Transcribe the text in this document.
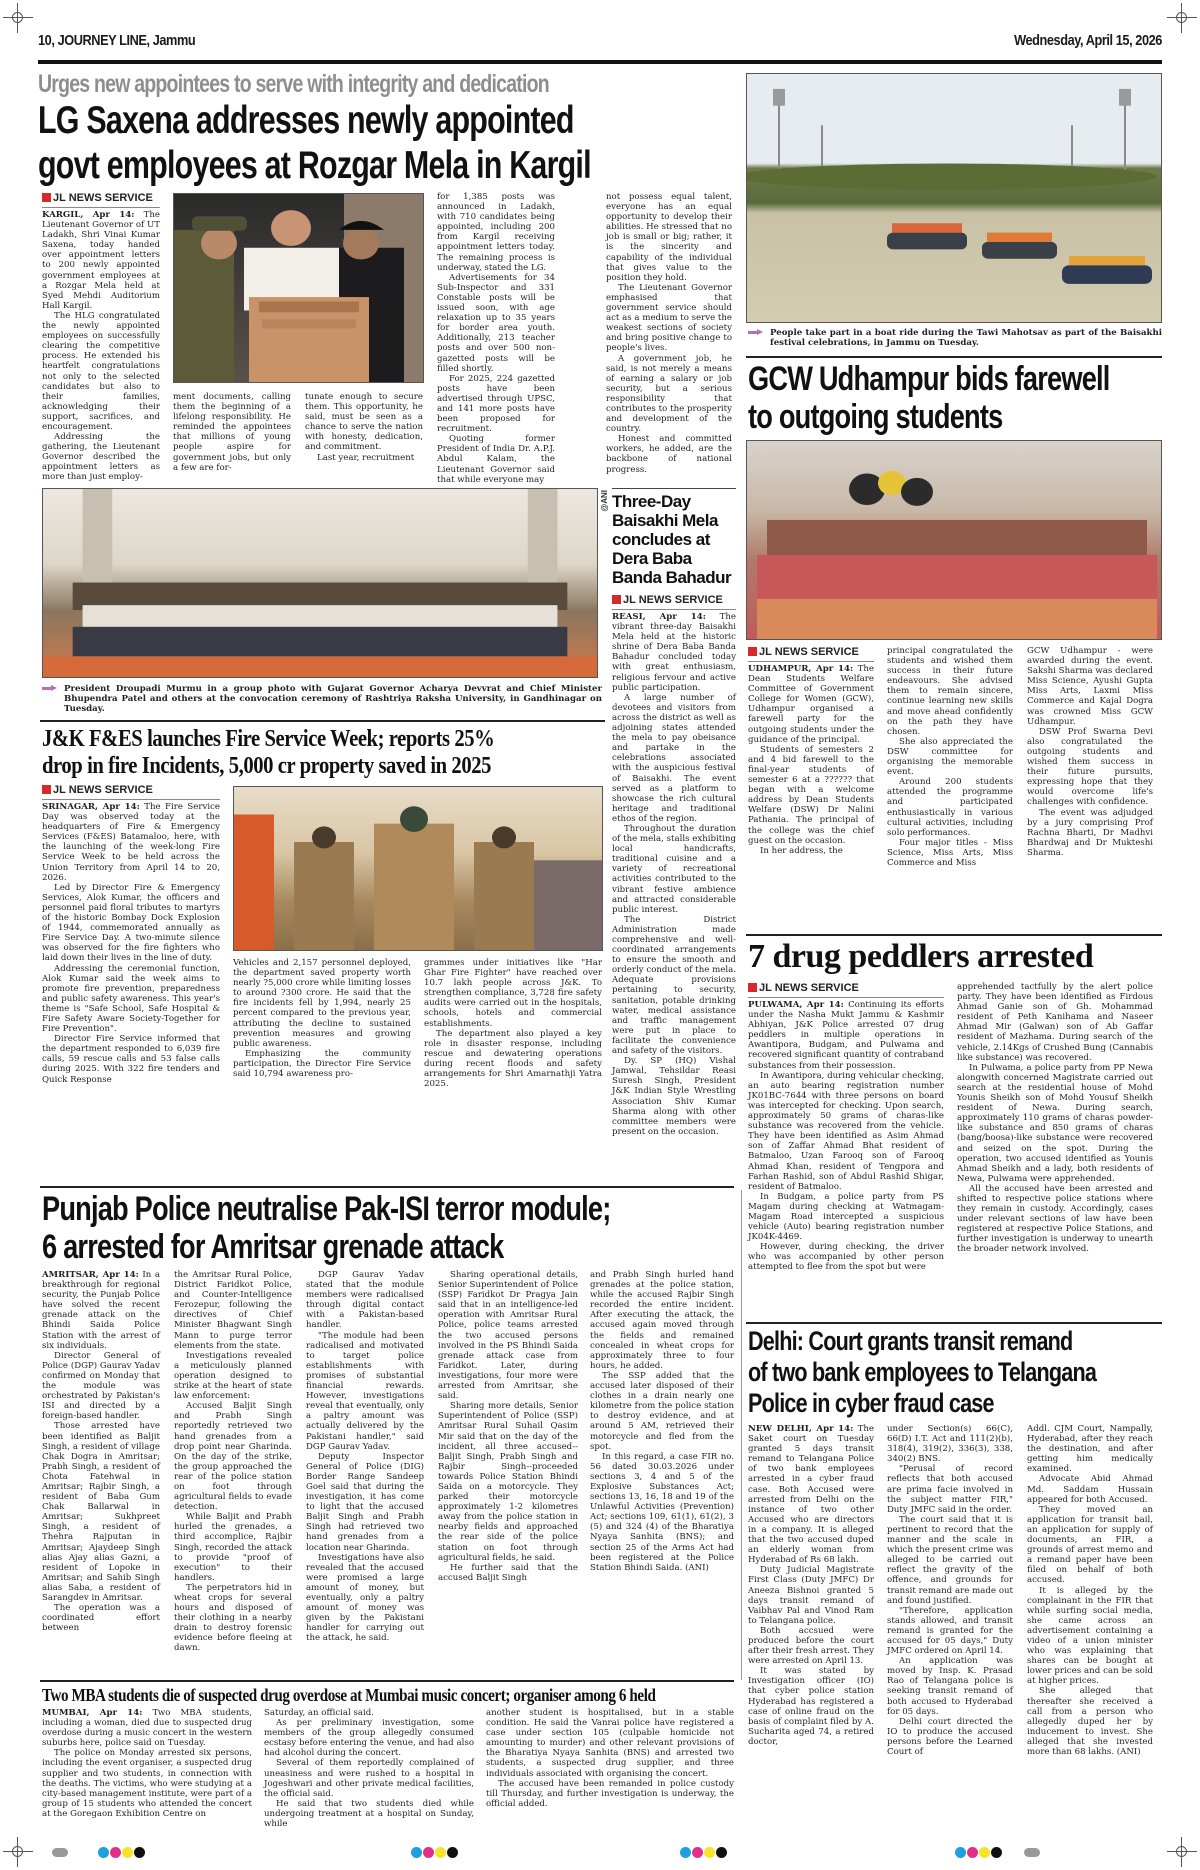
10, JOURNEY LINE, Jammu	Wednesday, April 15, 2026
Urges new appointees to serve with integrity and dedication
LG Saxena addresses newly appointed
govt employees at Rozgar Mela in Kargil
JL NEWS SERVICE

KARGIL, Apr 14: The Lieutenant Governor of UT Ladakh, Shri Vinai Kumar Saxena, today handed over appointment letters to 200 newly appointed government employees at a Rozgar Mela held at Syed Mehdi Auditorium Hall Kargil.

The HLG congratulated the newly appointed employees on successfully clearing the competitive process. He extended his heartfelt congratulations not only to the selected candidates but also to their families, acknowledging their support, sacrifices, and encouragement.

Addressing the gathering, the Lieutenant Governor described the appointment letters as more than just employ-

ment documents, calling them the beginning of a lifelong responsibility. He reminded the appointees that millions of young people aspire for government jobs, but only a few are for-

tunate enough to secure them. This opportunity, he said, must be seen as a chance to serve the nation with honesty, dedication, and commitment.

Last year, recruitment

for 1,385 posts was announced in Ladakh, with 710 candidates being appointed, including 200 from Kargil receiving appointment letters today. The remaining process is underway, stated the LG.

Advertisements for 34 Sub-Inspector and 331 Constable posts will be issued soon, with age relaxation up to 35 years for border area youth. Additionally, 213 teacher posts and over 500 non-gazetted posts will be filled shortly.

For 2025, 224 gazetted posts have been advertised through UPSC, and 141 more posts have been proposed for recruitment.

Quoting former President of India Dr. A.P.J. Abdul Kalam, the Lieutenant Governor said that while everyone may

not possess equal talent, everyone has an equal opportunity to develop their abilities. He stressed that no job is small or big; rather, it is the sincerity and capability of the individual that gives value to the position they hold.

The Lieutenant Governor emphasised that government service should act as a medium to serve the weakest sections of society and bring positive change to people's lives.

A government job, he said, is not merely a means of earning a salary or job security, but a serious responsibility that contributes to the prosperity and development of the country.

Honest and committed workers, he added, are the backbone of national progress.

People take part in a boat ride during the Tawi Mahotsav as part of the Baisakhi festival celebrations, in Jammu on Tuesday.
GCW Udhampur bids farewell
to outgoing students
@ANI
President Droupadi Murmu in a group photo with Gujarat Governor Acharya Devvrat and Chief Minister Bhupendra Patel and others at the convocation ceremony of Rashtriya Raksha University, in Gandhinagar on Tuesday.
Three-Day Baisakhi Mela concludes at Dera Baba Banda Bahadur
JL NEWS SERVICE

REASI, Apr 14: The vibrant three-day Baisakhi Mela held at the historic shrine of Dera Baba Banda Bahadur concluded today with great enthusiasm, religious fervour and active public participation.

A large number of devotees and visitors from across the district as well as adjoining states attended the mela to pay obeisance and partake in the celebrations associated with the auspicious festival of Baisakhi. The event served as a platform to showcase the rich cultural heritage and traditional ethos of the region.

Throughout the duration of the mela, stalls exhibiting local handicrafts, traditional cuisine and a variety of recreational activities contributed to the vibrant festive ambience and attracted considerable public interest.

The District Administration made comprehensive and well-coordinated arrangements to ensure the smooth and orderly conduct of the mela. Adequate provisions pertaining to security, sanitation, potable drinking water, medical assistance and traffic management were put in place to facilitate the convenience and safety of the visitors.

Dy. SP (HQ) Vishal Jamwal, Tehsildar Reasi Suresh Singh, President J&K Indian Style Wrestling Association Shiv Kumar Sharma along with other committee members were present on the occasion.

JL NEWS SERVICE

UDHAMPUR, Apr 14: The Dean Students Welfare Committee of Government College for Women (GCW), Udhampur organised a farewell party for the outgoing students under the guidance of the principal.

Students of semesters 2 and 4 bid farewell to the final-year students of semester 6 at a ?????? that began with a welcome address by Dean Students Welfare (DSW) Dr Nalini Pathania. The principal of the college was the chief guest on the occasion.

In her address, the

principal congratulated the students and wished them success in their future endeavours. She advised them to remain sincere, continue learning new skills and move ahead confidently on the path they have chosen.

She also appreciated the DSW committee for organising the memorable event.

Around 200 students attended the programme and participated enthusiastically in various cultural activities, including solo performances.

Four major titles - Miss Science, Miss Arts, Miss Commerce and Miss

GCW Udhampur - were awarded during the event. Sakshi Sharma was declared Miss Science, Ayushi Gupta Miss Arts, Laxmi Miss Commerce and Kajal Dogra was crowned Miss GCW Udhampur.

DSW Prof Swarna Devi also congratulated the outgoing students and wished them success in their future pursuits, expressing hope that they would overcome life's challenges with confidence.

The event was adjudged by a jury comprising Prof Rachna Bharti, Dr Madhvi Bhardwaj and Dr Mukteshi Sharma.

7 drug peddlers arrested
JL NEWS SERVICE

PULWAMA, Apr 14: Continuing its efforts under the Nasha Mukt Jammu & Kashmir Abhiyan, J&K Police arrested 07 drug peddlers in multiple operations in Awantipora, Budgam, and Pulwama and recovered significant quantity of contraband substances from their possession.

In Awantipora, during vehicular checking, an auto bearing registration number JK01BC-7644 with three persons on board was intercepted for checking. Upon search, approximately 50 grams of charas-like substance was recovered from the vehicle. They have been identified as Asim Ahmad son of Zaffar Ahmad Bhat resident of Batmaloo, Uzan Farooq son of Farooq Ahmad Khan, resident of Tengpora and Farhan Rashid, son of Abdul Rashid Shigar, resident of Batmaloo.

In Budgam, a police party from PS Magam during checking at Watmagam-Magam Road intercepted a suspicious vehicle (Auto) bearing registration number JK04K-4469.

However, during checking, the driver who was accompanied by other person attempted to flee from the spot but were

apprehended tactfully by the alert police party. They have been identified as Firdous Ahmad Ganie son of Gh. Mohammad resident of Peth Kanihama and Naseer Ahmad Mir (Galwan) son of Ab Gaffar resident of Mazhama. During search of the vehicle, 2.14Kgs of Crushed Bung (Cannabis like substance) was recovered.

In Pulwama, a police party from PP Newa alongwith concerned Magistrate carried out search at the residential house of Mohd Younis Sheikh son of Mohd Yousuf Sheikh resident of Newa. During search, approximately 110 grams of charas powder-like substance and 850 grams of charas (bang/boosa)-like substance were recovered and seized on the spot. During the operation, two accused identified as Younis Ahmad Sheikh and a lady, both residents of Newa, Pulwama were apprehended.

All the accused have been arrested and shifted to respective police stations where they remain in custody. Accordingly, cases under relevant sections of law have been registered at respective Police Stations, and further investigation is underway to unearth the broader network involved.

Delhi: Court grants transit remand
of two bank employees to Telangana
Police in cyber fraud case

NEW DELHI, Apr 14: The Saket court on Tuesday granted 5 days transit remand to Telangana Police of two bank employees arrested in a cyber fraud case. Both Accused were arrested from Delhi on the instance of two other Accused who are directors in a company. It is alleged that the two accused duped an elderly woman from Hyderabad of Rs 68 lakh.

Duty Judicial Magistrate First Class (Duty JMFC) Dr Aneeza Bishnoi granted 5 days transit remand of Vaibhav Pal and Vinod Ram to Telangana police.

Both accsued were produced before the court after their fresh arrest. They were arrested on April 13.

It was stated by Investigation officer (IO) that cyber police station Hyderabad has registered a case of online fraud on the basis of complaint filed by A. Sucharita aged 74, a retired doctor,

under Section(s) 66(C), 66(D) I.T. Act and 111(2)(b), 318(4), 319(2), 336(3), 338, 340(2) BNS.

"Perusal of record reflects that both accused are prima facie involved in the subject matter FIR," Duty JMFC said in the order.

The court said that it is pertinent to record that the manner and the scale in which the present crime was alleged to be carried out reflect the gravity of the offence, and grounds for transit remand are made out and found justified.

"Therefore, application stands allowed, and transit remand is granted for the accused for 05 days," Duty JMFC ordered on April 14.

An application was moved by Insp. K. Prasad Rao of Telangana police is seeking transit remand of both accused to Hyderabad for 05 days.

Delhi court directed the IO to produce the accused persons before the Learned Court of

Addl. CJM Court, Nampally, Hyderabad, after they reach the destination, and after getting him medically examined.

Advocate Abid Ahmad Md. Saddam Hussain appeared for both Accused.

They moved an application for transit bail, an application for supply of documents, an FIR, a grounds of arrest memo and a remand paper have been filed on behalf of both accused.

It is alleged by the complainant in the FIR that while surfing social media, she came across an advertisement containing a video of a union minister who was explaining that shares can be bought at lower prices and can be sold at higher prices.

She alleged that thereafter she received a call from a person who allegedly duped her by inducement to invest. She alleged that she invested more than 68 lakhs. (ANI)

J&K F&ES launches Fire Service Week; reports 25%
drop in fire Incidents, 5,000 cr property saved in 2025
JL NEWS SERVICE

SRINAGAR, Apr 14: The Fire Service Day was observed today at the headquarters of Fire & Emergency Services (F&ES) Batamaloo, here, with the launching of the week-long Fire Service Week to be held across the Union Territory from April 14 to 20, 2026.

Led by Director Fire & Emergency Services, Alok Kumar, the officers and personnel paid floral tributes to martyrs of the historic Bombay Dock Explosion of 1944, commemorated annually as Fire Service Day. A two-minute silence was observed for the fire fighters who laid down their lives in the line of duty.

Addressing the ceremonial function, Alok Kumar said the week aims to promote fire prevention, preparedness and public safety awareness. This year's theme is "Safe School, Safe Hospital & Fire Safety Aware Society-Together for Fire Prevention".

Director Fire Service informed that the department responded to 6,039 fire calls, 59 rescue calls and 53 false calls during 2025. With 322 fire tenders and Quick Response

Vehicles and 2,157 personnel deployed, the department saved property worth nearly ?5,000 crore while limiting losses to around ?300 crore. He said that the fire incidents fell by 1,994, nearly 25 percent compared to the previous year, attributing the decline to sustained prevention measures and growing public awareness.

Emphasizing the community participation, the Director Fire Service said 10,794 awareness pro-

grammes under initiatives like "Har Ghar Fire Fighter" have reached over 10.7 lakh people across J&K. To strengthen compliance, 3,728 fire safety audits were carried out in the hospitals, schools, hotels and commercial establishments.

The department also played a key role in disaster response, including rescue and dewatering operations during recent floods and safety arrangements for Shri Amarnathji Yatra 2025.

Punjab Police neutralise Pak-ISI terror module;
6 arrested for Amritsar grenade attack

AMRITSAR, Apr 14: In a breakthrough for regional security, the Punjab Police have solved the recent grenade attack on the Bhindi Saida Police Station with the arrest of six individuals.

Director General of Police (DGP) Gaurav Yadav confirmed on Monday that the module was orchestrated by Pakistan's ISI and directed by a foreign-based handler.

Those arrested have been identified as Baljit Singh, a resident of village Chak Dogra in Amritsar; Prabh Singh, a resident of Chota Fatehwal in Amritsar; Rajbir Singh, a resident of Baba Gum Chak Ballarwal in Amritsar; Sukhpreet Singh, a resident of Thehra Rajputan in Amritsar; Ajaydeep Singh alias Ajay alias Gazni, a resident of Lopoke in Amritsar; and Sahib Singh alias Saba, a resident of Sarangdev in Amritsar.

The operation was a coordinated effort between

the Amritsar Rural Police, District Faridkot Police, and Counter-Intelligence Ferozepur, following the directives of Chief Minister Bhagwant Singh Mann to purge terror elements from the state.

Investigations revealed a meticulously planned operation designed to strike at the heart of state law enforcement:

Accused Baljit Singh and Prabh Singh reportedly retrieved two hand grenades from a drop point near Gharinda. On the day of the strike, the group approached the rear of the police station on foot through agricultural fields to evade detection.

While Baljit and Prabh hurled the grenades, a third accomplice, Rajbir Singh, recorded the attack to provide "proof of execution" to their handlers.

The perpetrators hid in wheat crops for several hours and disposed of their clothing in a nearby drain to destroy forensic evidence before fleeing at dawn.

DGP Gaurav Yadav stated that the module members were radicalised through digital contact with a Pakistan-based handler.

"The module had been radicalised and motivated to target police establishments with promises of substantial financial rewards. However, investigations reveal that eventually, only a paltry amount was actually delivered by the Pakistani handler," said DGP Gaurav Yadav.

Deputy Inspector General of Police (DIG) Border Range Sandeep Goel said that during the investigation, it has come to light that the accused Baljit Singh and Prabh Singh had retrieved two hand grenades from a location near Gharinda.

Investigations have also revealed that the accused were promised a large amount of money, but eventually, only a paltry amount of money was given by the Pakistani handler for carrying out the attack, he said.

Sharing operational details, Senior Superintendent of Police (SSP) Faridkot Dr Pragya Jain said that in an intelligence-led operation with Amritsar Rural Police, police teams arrested the two accused persons involved in the PS Bhindi Saida grenade attack case from Faridkot. Later, during investigations, four more were arrested from Amritsar, she said.

Sharing more details, Senior Superintendent of Police (SSP) Amritsar Rural Suhail Qasim Mir said that on the day of the incident, all three accused--Baljit Singh, Prabh Singh and Rajbir Singh--proceeded towards Police Station Bhindi Saida on a motorcycle. They parked their motorcycle approximately 1-2 kilometres away from the police station in nearby fields and approached the rear side of the police station on foot through agricultural fields, he said.

He further said that the accused Baljit Singh

and Prabh Singh hurled hand grenades at the police station, while the accused Rajbir Singh recorded the entire incident. After executing the attack, the accused again moved through the fields and remained concealed in wheat crops for approximately three to four hours, he added.

The SSP added that the accused later disposed of their clothes in a drain nearly one kilometre from the police station to destroy evidence, and at around 5 AM, retrieved their motorcycle and fled from the spot.

In this regard, a case FIR no. 56 dated 30.03.2026 under sections 3, 4 and 5 of the Explosive Substances Act; sections 13, 16, 18 and 19 of the Unlawful Activities (Prevention) Act; sections 109, 61(1), 61(2), 3 (5) and 324 (4) of the Bharatiya Nyaya Sanhita (BNS); and section 25 of the Arms Act had been registered at the Police Station Bhindi Saida. (ANI)

Two MBA students die of suspected drug overdose at Mumbai music concert; organiser among 6 held

MUMBAI, Apr 14: Two MBA students, including a woman, died due to suspected drug overdose during a music concert in the western suburbs here, police said on Tuesday.

The police on Monday arrested six persons, including the event organiser, a suspected drug supplier and two students, in connection with the deaths. The victims, who were studying at a city-based management institute, were part of a group of 15 students who attended the concert at the Goregaon Exhibition Centre on

Saturday, an official said.

As per preliminary investigation, some members of the group allegedly consumed ecstasy before entering the venue, and had also had alcohol during the concert.

Several of them reportedly complained of uneasiness and were rushed to a hospital in Jogeshwari and other private medical facilities, the official said.

He said that two students died while undergoing treatment at a hospital on Sunday, while

another student is hospitalised, but in a stable condition. He said the Vanrai police have registered a case under section 105 (culpable homicide not amounting to murder) and other relevant provisions of the Bharatiya Nyaya Sanhita (BNS) and arrested two students, a suspected drug supplier, and three individuals associated with organising the concert.

The accused have been remanded in police custody till Thursday, and further investigation is underway, the official added.
